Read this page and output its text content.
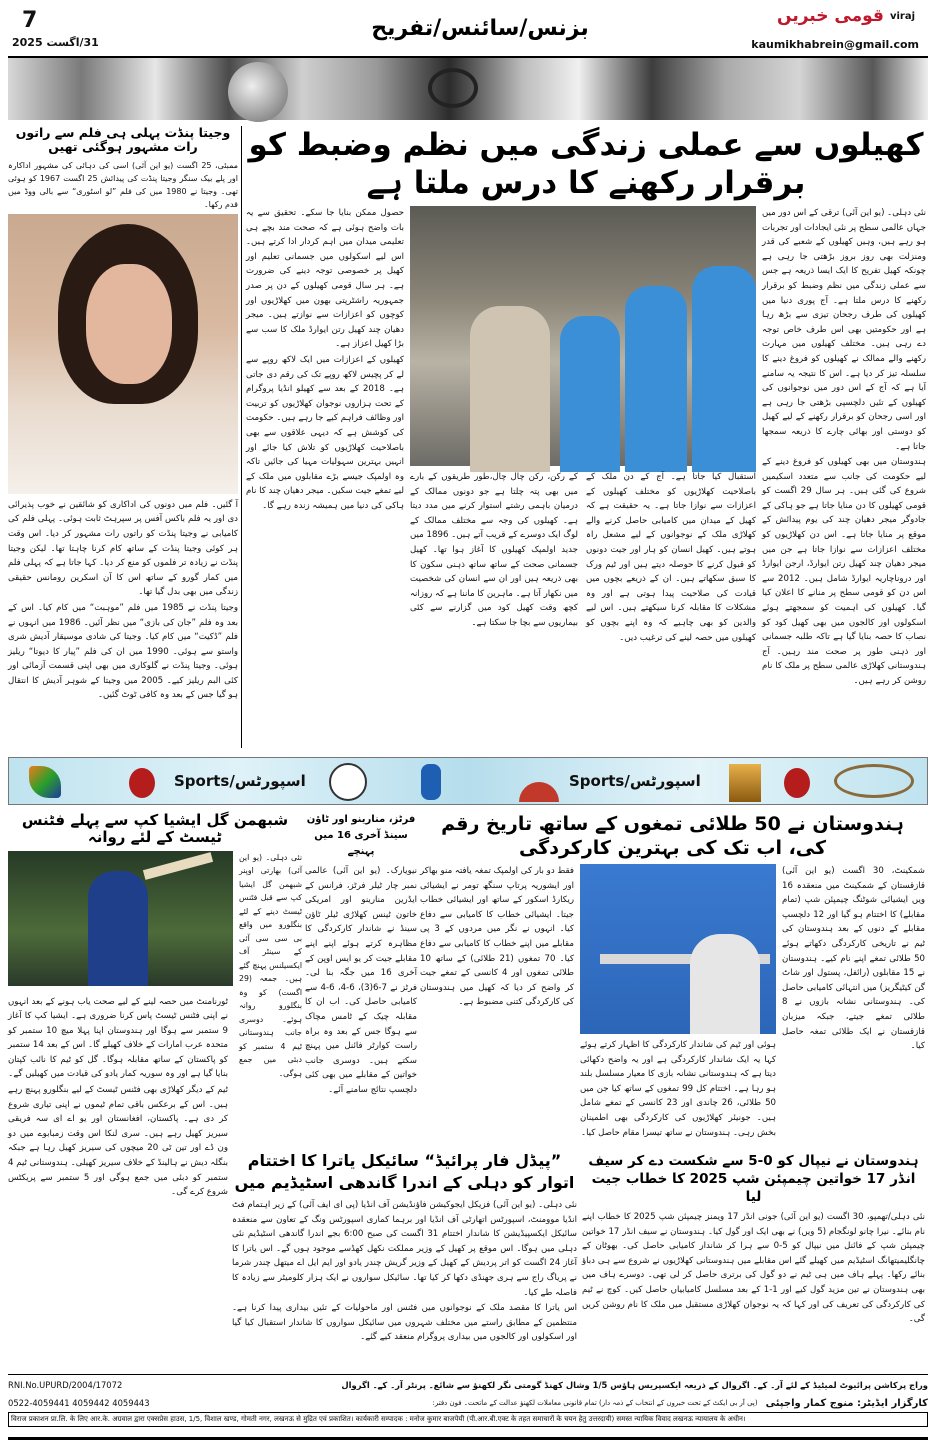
7
31/اگست 2025
بزنس/سائنس/تفریح	قومی خبریں viraj
kaumikhabrein@gmail.com
وجیتا پنڈت پہلی ہی فلم سے راتوں رات مشہور ہوگئی تھیں
ممبئی، 25 اگست (یو این آئی) اسی کی دہائی کی مشہور اداکارہ اور پلے بیک سنگر وجیتا پنڈت کی پیدائش 25 اگست 1967 کو ہوئی تھی۔ وجیتا نے 1980 میں کی فلم ”لو اسٹوری“ سے بالی ووڈ میں قدم رکھا۔

آ گئیں۔ فلم میں دونوں کی اداکاری کو شائقین نے خوب پذیرائی دی اور یہ فلم باکس آفس پر سپرہٹ ثابت ہوئی۔ پہلی فلم کی کامیابی نے وجیتا پنڈت کو راتوں رات مشہور کر دیا۔ اس وقت ہر کوئی وجیتا پنڈت کے ساتھ کام کرنا چاہتا تھا۔ لیکن وجیتا پنڈت نے زیادہ تر فلموں کو منع کر دیا۔ کہا جاتا ہے کہ پہلی فلم میں کمار گورو کے ساتھ اس کا آن اسکرین رومانس حقیقی زندگی میں بھی بدل گیا تھا۔

وجیتا پنڈت نے 1985 میں فلم ”موہبت“ میں کام کیا۔ اس کے بعد وہ فلم ”جان کی بازی“ میں نظر آئیں۔ 1986 میں انہوں نے فلم ”ڈکیت“ میں کام کیا۔ وجیتا کی شادی موسیقار آدیش شری واستو سے ہوئی۔ 1990 میں ان کی فلم ”پیار کا دیوتا“ ریلیز ہوئی۔ وجیتا پنڈت نے گلوکاری میں بھی اپنی قسمت آزمائی اور کئی البم ریلیز کیے۔ 2005 میں وجیتا کے شوہر آدیش کا انتقال ہو گیا جس کے بعد وہ کافی ٹوٹ گئیں۔

کھیلوں سے عملی زندگی میں نظم وضبط کو برقرار رکھنے کا درس ملتا ہے

حصول ممکن بنایا جا سکے۔ تحقیق سے یہ بات واضح ہوئی ہے کہ صحت مند بچے ہی تعلیمی میدان میں اہم کردار ادا کرتے ہیں۔ اس لیے اسکولوں میں جسمانی تعلیم اور کھیل پر خصوصی توجہ دینے کی ضرورت ہے۔ ہر سال قومی کھیلوں کے دن پر صدر جمہوریہ راشٹرپتی بھون میں کھلاڑیوں اور کوچوں کو اعزازات سے نوازتے ہیں۔ میجر دھیان چند کھیل رتن ایوارڈ ملک کا سب سے بڑا کھیل اعزاز ہے۔

کھیلوں کے اعزازات میں ایک لاکھ روپے سے لے کر پچیس لاکھ روپے تک کی رقم دی جاتی ہے۔ 2018 کے بعد سے کھیلو انڈیا پروگرام کے تحت ہزاروں نوجوان کھلاڑیوں کو تربیت اور وظائف فراہم کیے جا رہے ہیں۔ حکومت کی کوشش ہے کہ دیہی علاقوں سے بھی باصلاحیت کھلاڑیوں کو تلاش کیا جائے اور انہیں بہترین سہولیات مہیا کی جائیں تاکہ وہ اولمپک جیسے بڑے مقابلوں میں ملک کے لیے تمغے جیت سکیں۔ میجر دھیان چند کا نام ہاکی کی دنیا میں ہمیشہ زندہ رہے گا۔

کے رکن، رکن چال چال،طور طریقوں کے بارے میں بھی پتہ چلتا ہے جو دونوں ممالک کے درمیان باہمی رشتے استوار کرنے میں مدد دیتا ہے۔ کھیلوں کی وجہ سے مختلف ممالک کے لوگ ایک دوسرے کے قریب آتے ہیں۔ 1896 میں جدید اولمپک کھیلوں کا آغاز ہوا تھا۔ کھیل جسمانی صحت کے ساتھ ساتھ ذہنی سکون کا بھی ذریعہ ہیں اور ان سے انسان کی شخصیت میں نکھار آتا ہے۔ ماہرین کا ماننا ہے کہ روزانہ کچھ وقت کھیل کود میں گزارنے سے کئی بیماریوں سے بچا جا سکتا ہے۔

استقبال کیا جاتا ہے۔ آج کے دن ملک کے باصلاحیت کھلاڑیوں کو مختلف کھیلوں کے اعزازات سے نوازا جاتا ہے۔ یہ حقیقت ہے کہ کھیل کے میدان میں کامیابی حاصل کرنے والے کھلاڑی ملک کے نوجوانوں کے لیے مشعل راہ ہوتے ہیں۔ کھیل انسان کو ہار اور جیت دونوں کو قبول کرنے کا حوصلہ دیتے ہیں اور ٹیم ورک کا سبق سکھاتے ہیں۔ ان کے ذریعے بچوں میں قیادت کی صلاحیت پیدا ہوتی ہے اور وہ مشکلات کا مقابلہ کرنا سیکھتے ہیں۔ اس لیے والدین کو بھی چاہیے کہ وہ اپنے بچوں کو کھیلوں میں حصہ لینے کی ترغیب دیں۔

نئی دہلی۔ (یو این آئی) ترقی کے اس دور میں جہاں عالمی سطح پر نئی ایجادات اور تجربات ہو رہے ہیں، وہیں کھیلوں کے شعبے کی قدر ومنزلت بھی روز بروز بڑھتی جا رہی ہے چونکہ کھیل تفریح کا ایک ایسا ذریعہ ہے جس سے عملی زندگی میں نظم وضبط کو برقرار رکھنے کا درس ملتا ہے۔ آج پوری دنیا میں کھیلوں کی طرف رجحان تیزی سے بڑھ رہا ہے اور حکومتیں بھی اس طرف خاص توجہ دے رہی ہیں۔ مختلف کھیلوں میں مہارت رکھنے والے ممالک نے کھیلوں کو فروغ دینے کا سلسلہ تیز کر دیا ہے۔ اس کا نتیجہ یہ سامنے آیا ہے کہ آج کے اس دور میں نوجوانوں کی کھیلوں کے تئیں دلچسپی بڑھتی جا رہی ہے اور اسی رجحان کو برقرار رکھنے کے لیے کھیل کو دوستی اور بھائی چارے کا ذریعہ سمجھا جاتا ہے۔

ہندوستان میں بھی کھیلوں کو فروغ دینے کے لیے حکومت کی جانب سے متعدد اسکیمیں شروع کی گئی ہیں۔ ہر سال 29 اگست کو قومی کھیلوں کا دن منایا جاتا ہے جو ہاکی کے جادوگر میجر دھیان چند کی یوم پیدائش کے موقع پر منایا جاتا ہے۔ اس دن کھلاڑیوں کو مختلف اعزازات سے نوازا جاتا ہے جن میں میجر دھیان چند کھیل رتن ایوارڈ، ارجن ایوارڈ اور دروناچاریہ ایوارڈ شامل ہیں۔ 2012 سے اس دن کو قومی سطح پر منانے کا اعلان کیا گیا۔ کھیلوں کی اہمیت کو سمجھتے ہوئے اسکولوں اور کالجوں میں بھی کھیل کود کو نصاب کا حصہ بنایا گیا ہے تاکہ طلبہ جسمانی اور ذہنی طور پر صحت مند رہیں۔ آج ہندوستانی کھلاڑی عالمی سطح پر ملک کا نام روشن کر رہے ہیں۔

Sports/اسپورٹس	Sports/اسپورٹس
شبھمن گل ایشیا کپ سے پہلے فٹنس ٹیسٹ کے لئے روانہ

نئی دہلی۔ (یو این آئی) بھارتی اوپنر شبھمن گل ایشیا کپ سے قبل فٹنس ٹیسٹ دینے کے لئے بنگلورو میں واقع بی سی سی آئی کے سینٹر آف ایکسیلنس پہنچ گئے ہیں۔ جمعہ (29 اگست) کو وہ بنگلورو روانہ ہوئے۔ دوسری جانب ہندوستانی ٹیم 4 ستمبر کو دبئی میں جمع ہوگی۔

ٹورنامنٹ میں حصہ لینے کے لیے صحت یاب ہونے کے بعد انہوں نے اپنی فٹنس ٹیسٹ پاس کرنا ضروری ہے۔ ایشیا کپ کا آغاز 9 ستمبر سے ہوگا اور ہندوستان اپنا پہلا میچ 10 ستمبر کو متحدہ عرب امارات کے خلاف کھیلے گا۔ اس کے بعد 14 ستمبر کو پاکستان کے ساتھ مقابلہ ہوگا۔ گل کو ٹیم کا نائب کپتان بنایا گیا ہے اور وہ سوریہ کمار یادو کی قیادت میں کھیلیں گے۔

ٹیم کے دیگر کھلاڑی بھی فٹنس ٹیسٹ کے لیے بنگلورو پہنچ رہے ہیں۔ اس کے برعکس باقی تمام ٹیموں نے اپنی تیاری شروع کر دی ہے۔ پاکستان، افغانستان اور یو اے ای سہ فریقی سیریز کھیل رہے ہیں۔ سری لنکا اس وقت زمبابوے میں دو ون ڈے اور تین ٹی 20 میچوں کی سیریز کھیل رہا ہے جبکہ بنگلہ دیش نے ہالینڈ کے خلاف سیریز کھیلی۔ ہندوستانی ٹیم 4 ستمبر کو دبئی میں جمع ہوگی اور 5 ستمبر سے پریکٹس شروع کرے گی۔

فرٹز، منارینو اور ٹاؤن سینڈ آخری 16 میں پہنچے

نیویارک۔ (یو این آئی) عالمی نمبر چار ٹیلر فرٹز، فرانس کے ایڈرین منارینو اور امریکی خاتون ٹینس کھلاڑی ٹیلر ٹاؤن سینڈ نے شاندار کارکردگی کا مظاہرہ کرتے ہوئے اپنے اپنے مقابلے جیت کر یو ایس اوپن کے آخری 16 میں جگہ بنا لی۔ فرٹز نے 7-6(3)، 6-4، 6-4 سے کامیابی حاصل کی۔ اب ان کا مقابلہ چیک کے ٹامس مچاک سے ہوگا جس کے بعد وہ براہ راست کوارٹر فائنل میں پہنچ سکتے ہیں۔ دوسری جانب خواتین کے مقابلے میں بھی کئی دلچسپ نتائج سامنے آئے۔

ہندوستان نے 50 طلائی تمغوں کے ساتھ تاریخ رقم کی، اب تک کی بہترین کارکردگی

فقط دو بار کی اولمپک تمغہ یافتہ منو بھاکر اور ایشوریہ پرتاپ سنگھ تومر نے ایشیائی ریکارڈ اسکور کے ساتھ اور ایشیائی خطاب جیتا۔ ایشیائی خطاب کا کامیابی سے دفاع کیا۔ انہوں نے نگر میں مردوں کے 3 پی مقابلے میں اپنے خطاب کا کامیابی سے دفاع کیا۔ 70 تمغوں (21 طلائی) کے ساتھ 10 طلائی تمغوں اور 4 کانسی کے تمغے جیت کر واضح کر دیا کہ کھیل میں ہندوستان کی کارکردگی کتنی مضبوط ہے۔

ہوئی اور ٹیم کی شاندار کارکردگی کا اظہار کرتے ہوئے کہا یہ ایک شاندار کارکردگی ہے اور یہ واضح دکھائی دیتا ہے کہ ہندوستانی نشانہ بازی کا معیار مسلسل بلند ہو رہا ہے۔ اختتام کل 99 تمغوں کے ساتھ کیا جن میں 50 طلائی، 26 چاندی اور 23 کانسی کے تمغے شامل ہیں۔ جونیئر کھلاڑیوں کی کارکردگی بھی اطمینان بخش رہی۔ ہندوستان نے ساتھ تیسرا مقام حاصل کیا۔

شمکینٹ، 30 اگست (یو این آئی) قازقستان کے شمکینٹ میں منعقدہ 16 ویں ایشیائی شوٹنگ چیمپئن شپ (تمام مقابلے) کا اختتام ہو گیا اور 12 دلچسپ مقابلے کے دنوں کے بعد ہندوستان کی ٹیم نے تاریخی کارکردگی دکھاتے ہوئے 50 طلائی تمغے اپنے نام کیے۔ ہندوستان نے 15 مقابلوں (رائفل، پستول اور شاٹ گن کیٹیگریز) میں انتہائی کامیابی حاصل کی۔ ہندوستانی نشانہ بازوں نے 8 طلائی تمغے جیتے، جبکہ میزبان قازقستان نے ایک طلائی تمغہ حاصل کیا۔

”پیڈل فار پرائیڈ“ سائیکل یاترا کا اختتام اتوار کو دہلی کے اندرا گاندھی اسٹیڈیم میں

نئی دہلی۔ (یو این آئی) فزیکل ایجوکیشن فاؤنڈیشن آف انڈیا (پی ای ایف آئی) کے زیر اہتمام فٹ انڈیا موومنٹ، اسپورٹس اتھارٹی آف انڈیا اور برہما کماری اسپورٹس ونگ کے تعاون سے منعقدہ سائیکل ایکسپیڈیشن کا شاندار اختتام 31 اگست کی صبح 6:00 بجے اندرا گاندھی اسٹیڈیم نئی دہلی میں ہوگا۔ اس موقع پر کھیل کے وزیر مملکت نکھل کھڈسے موجود ہوں گے۔ اس یاترا کا آغاز 24 اگست کو اتر پردیش کے کھیل کے وزیر گریش چندر یادو اور ایم ایل اے میتھل چندر شرما نے پریاگ راج سے ہری جھنڈی دکھا کر کیا تھا۔ سائیکل سواروں نے ایک ہزار کلومیٹر سے زیادہ کا فاصلہ طے کیا۔

اس یاترا کا مقصد ملک کے نوجوانوں میں فٹنس اور ماحولیات کے تئیں بیداری پیدا کرنا ہے۔ منتظمین کے مطابق راستے میں مختلف شہروں میں سائیکل سواروں کا شاندار استقبال کیا گیا اور اسکولوں اور کالجوں میں بیداری پروگرام منعقد کیے گئے۔

ہندوستان نے نیپال کو 0-5 سے شکست دے کر سیف انڈر 17 خواتین چیمپئن شپ 2025 کا خطاب جیت لیا

نئی دہلی/تھمپو، 30 اگست (یو این آئی) جونی انڈر 17 ویمنز چیمپئن شپ 2025 کا خطاب اپنے نام بنائے۔ نیرا چانو لونگجام (5 ویں) نے بھی ایک اور گول کیا۔ ہندوستان نے سیف انڈر 17 خواتین چیمپئن شپ کے فائنل میں نیپال کو 5-0 سے ہرا کر شاندار کامیابی حاصل کی۔ بھوٹان کے چانگلیمیتھانگ اسٹیڈیم میں کھیلے گئے اس مقابلے میں ہندوستانی کھلاڑیوں نے شروع سے ہی دباؤ بنائے رکھا۔ پہلے ہاف میں ہی ٹیم نے دو گول کی برتری حاصل کر لی تھی۔ دوسرے ہاف میں بھی ہندوستان نے تین مزید گول کیے اور 1-1 کے بعد مسلسل کامیابیاں حاصل کیں۔ کوچ نے ٹیم کی کارکردگی کی تعریف کی اور کہا کہ یہ نوجوان کھلاڑی مستقبل میں ملک کا نام روشن کریں گی۔

وراج پرکاشن پرائیوٹ لمیٹیڈ کے لئے آر۔ کے۔ اگروال کے ذریعہ ایکسپریس ہاؤس 1/5 وشال کھنڈ گومتی نگر لکھنؤ سے شائع۔ پرنٹر آر۔ کے۔ اگروال
RNI.No.UPURD/2004/17072
کارگزار ایڈیٹر: منوج کمار واجپئی
(پی آر بی ایکٹ کے تحت خبروں کے انتخاب کے ذمہ دار) تمام قانونی معاملات لکھنؤ عدالت کے ماتحت۔ فون دفتر:
0522-4059441 4059442 4059443
विराज प्रकाशन प्रा.लि. के लिए आर.के. अग्रवाल द्वारा एक्सप्रेस हाउस, 1/5, विशाल खण्ड, गोमती नगर, लखनऊ से मुद्रित एवं प्रकाशित। कार्यकारी सम्पादक : मनोज कुमार बाजपेयी (पी.आर.बी.एक्ट के तहत समाचारों के चयन हेतु उत्तरदायी) समस्त न्यायिक विवाद लखनऊ न्यायालय के अधीन।
